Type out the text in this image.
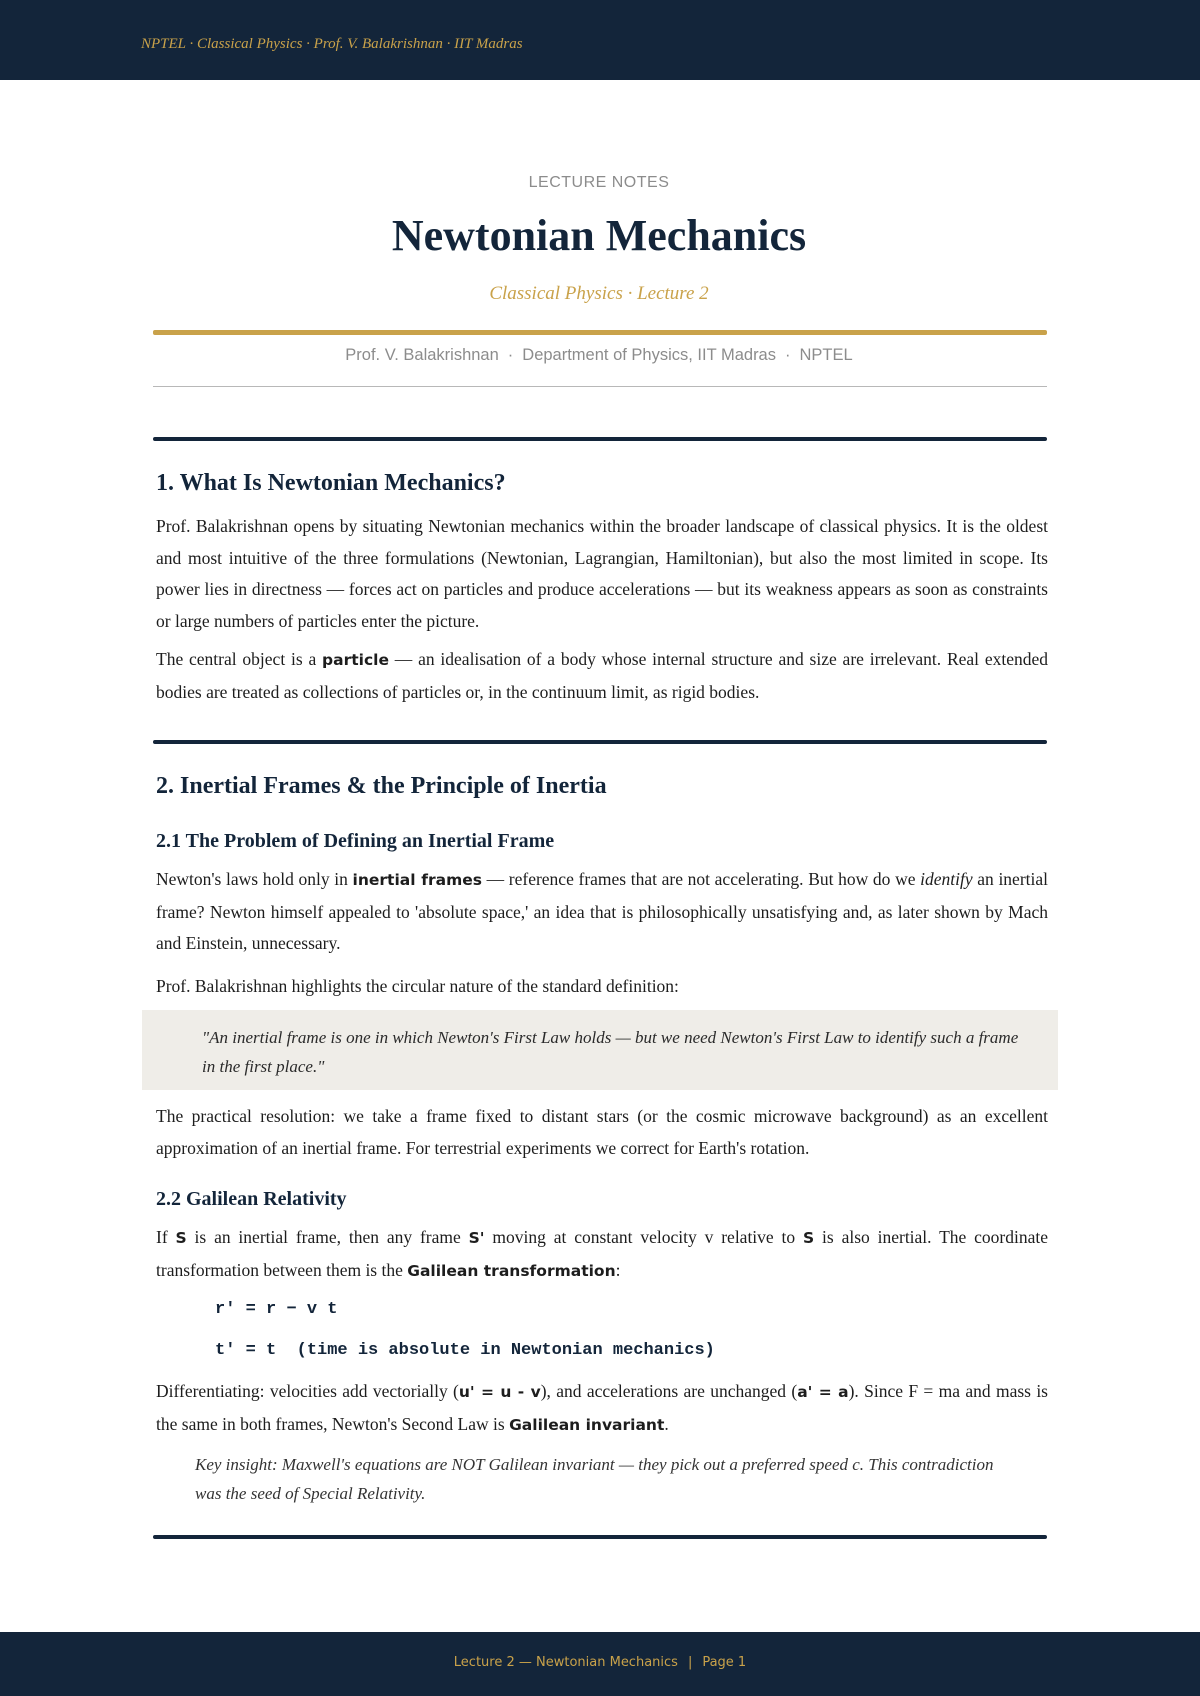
NPTEL · Classical Physics · Prof. V. Balakrishnan · IIT Madras
LECTURE NOTES
Newtonian Mechanics
Classical Physics · Lecture 2
Prof. V. Balakrishnan · Department of Physics, IIT Madras · NPTEL
1. What Is Newtonian Mechanics?

Prof. Balakrishnan opens by situating Newtonian mechanics within the broader landscape of classical physics. It is the oldest and most intuitive of the three formulations (Newtonian, Lagrangian, Hamiltonian), but also the most limited in scope. Its power lies in directness — forces act on particles and produce accelerations — but its weakness appears as soon as constraints or large numbers of particles enter the picture.

The central object is a particle — an idealisation of a body whose internal structure and size are irrelevant. Real extended bodies are treated as collections of particles or, in the continuum limit, as rigid bodies.

2. Inertial Frames & the Principle of Inertia
2.1 The Problem of Defining an Inertial Frame

Newton's laws hold only in inertial frames — reference frames that are not accelerating. But how do we identify an inertial frame? Newton himself appealed to 'absolute space,' an idea that is philosophically unsatisfying and, as later shown by Mach and Einstein, unnecessary.

Prof. Balakrishnan highlights the circular nature of the standard definition:

"An inertial frame is one in which Newton's First Law holds — but we need Newton's First Law to identify such a frame in the first place."

The practical resolution: we take a frame fixed to distant stars (or the cosmic microwave background) as an excellent approximation of an inertial frame. For terrestrial experiments we correct for Earth's rotation.

2.2 Galilean Relativity

If S is an inertial frame, then any frame S' moving at constant velocity v relative to S is also inertial. The coordinate transformation between them is the Galilean transformation:

r' = r − v t
t' = t  (time is absolute in Newtonian mechanics)

Differentiating: velocities add vectorially (u' = u - v), and accelerations are unchanged (a' = a). Since F = ma and mass is the same in both frames, Newton's Second Law is Galilean invariant.

Key insight: Maxwell's equations are NOT Galilean invariant — they pick out a preferred speed c. This contradiction was the seed of Special Relativity.

Lecture 2 — Newtonian Mechanics | Page 1
